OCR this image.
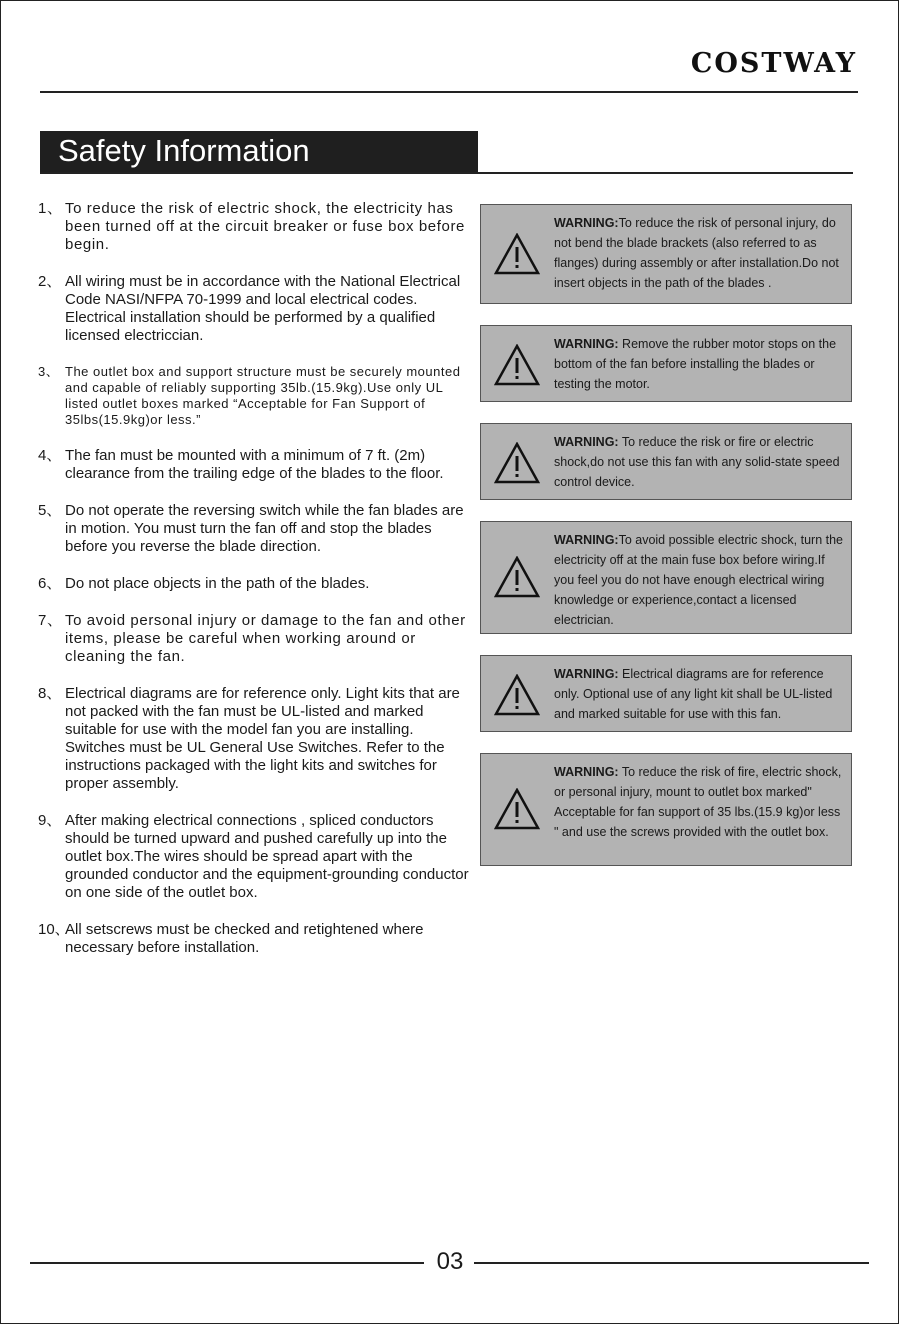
COSTWAY
Safety Information
1、 To reduce the risk of electric shock, the electricity has been turned off at the circuit breaker or fuse box before begin.
2、 All wiring must be in accordance with the National Electrical Code NASI/NFPA 70-1999 and local electrical codes. Electrical installation should be performed by a qualified licensed electriccian.
3、 The outlet box and support structure must be securely mounted and capable of reliably supporting 35lb.(15.9kg).Use only UL listed outlet boxes marked “Acceptable for Fan Support of 35lbs(15.9kg)or less.”
4、 The fan must be mounted with a minimum of 7 ft. (2m) clearance from the trailing edge of the blades to the floor.
5、 Do not operate the reversing switch while the fan blades are in motion. You must turn the fan off and stop the blades before you reverse the blade direction.
6、 Do not place objects in the path of the blades.
7、 To avoid personal injury or damage to the fan and other items, please be careful when working around or cleaning the fan.
8、 Electrical diagrams are for reference only. Light kits that are not packed with the fan must be UL-listed and marked suitable for use with the model fan you are installing. Switches must be UL General Use Switches. Refer to the instructions packaged with the light kits and switches for proper assembly.
9、 After making electrical connections , spliced conductors should be turned upward and pushed carefully up into the outlet box.The wires should be spread apart with the grounded conductor and the equipment-grounding conductor on one side of the outlet box.
10、
All setscrews must be checked and retightened where necessary before installation.
WARNING:To reduce the risk of personal injury, do not bend the blade brackets (also referred to as flanges) during assembly or after installation.Do not insert objects in the path of the blades .
WARNING: Remove the rubber motor stops on the bottom of the fan before installing the blades or testing the motor.
WARNING: To reduce the risk or fire or electric shock,do not use this fan with any solid-state speed control device.
WARNING:To avoid possible electric shock, turn the electricity off at the main fuse box before wiring.If you feel you do not have enough electrical wiring knowledge or experience,contact a licensed electrician.
WARNING: Electrical diagrams are for reference only. Optional use of any light kit shall be UL-listed and marked suitable for use with this fan.
WARNING: To reduce the risk of fire, electric shock, or personal injury, mount to outlet box marked" Acceptable for fan support of 35 lbs.(15.9 kg)or less " and use the screws provided with the outlet box.
03
